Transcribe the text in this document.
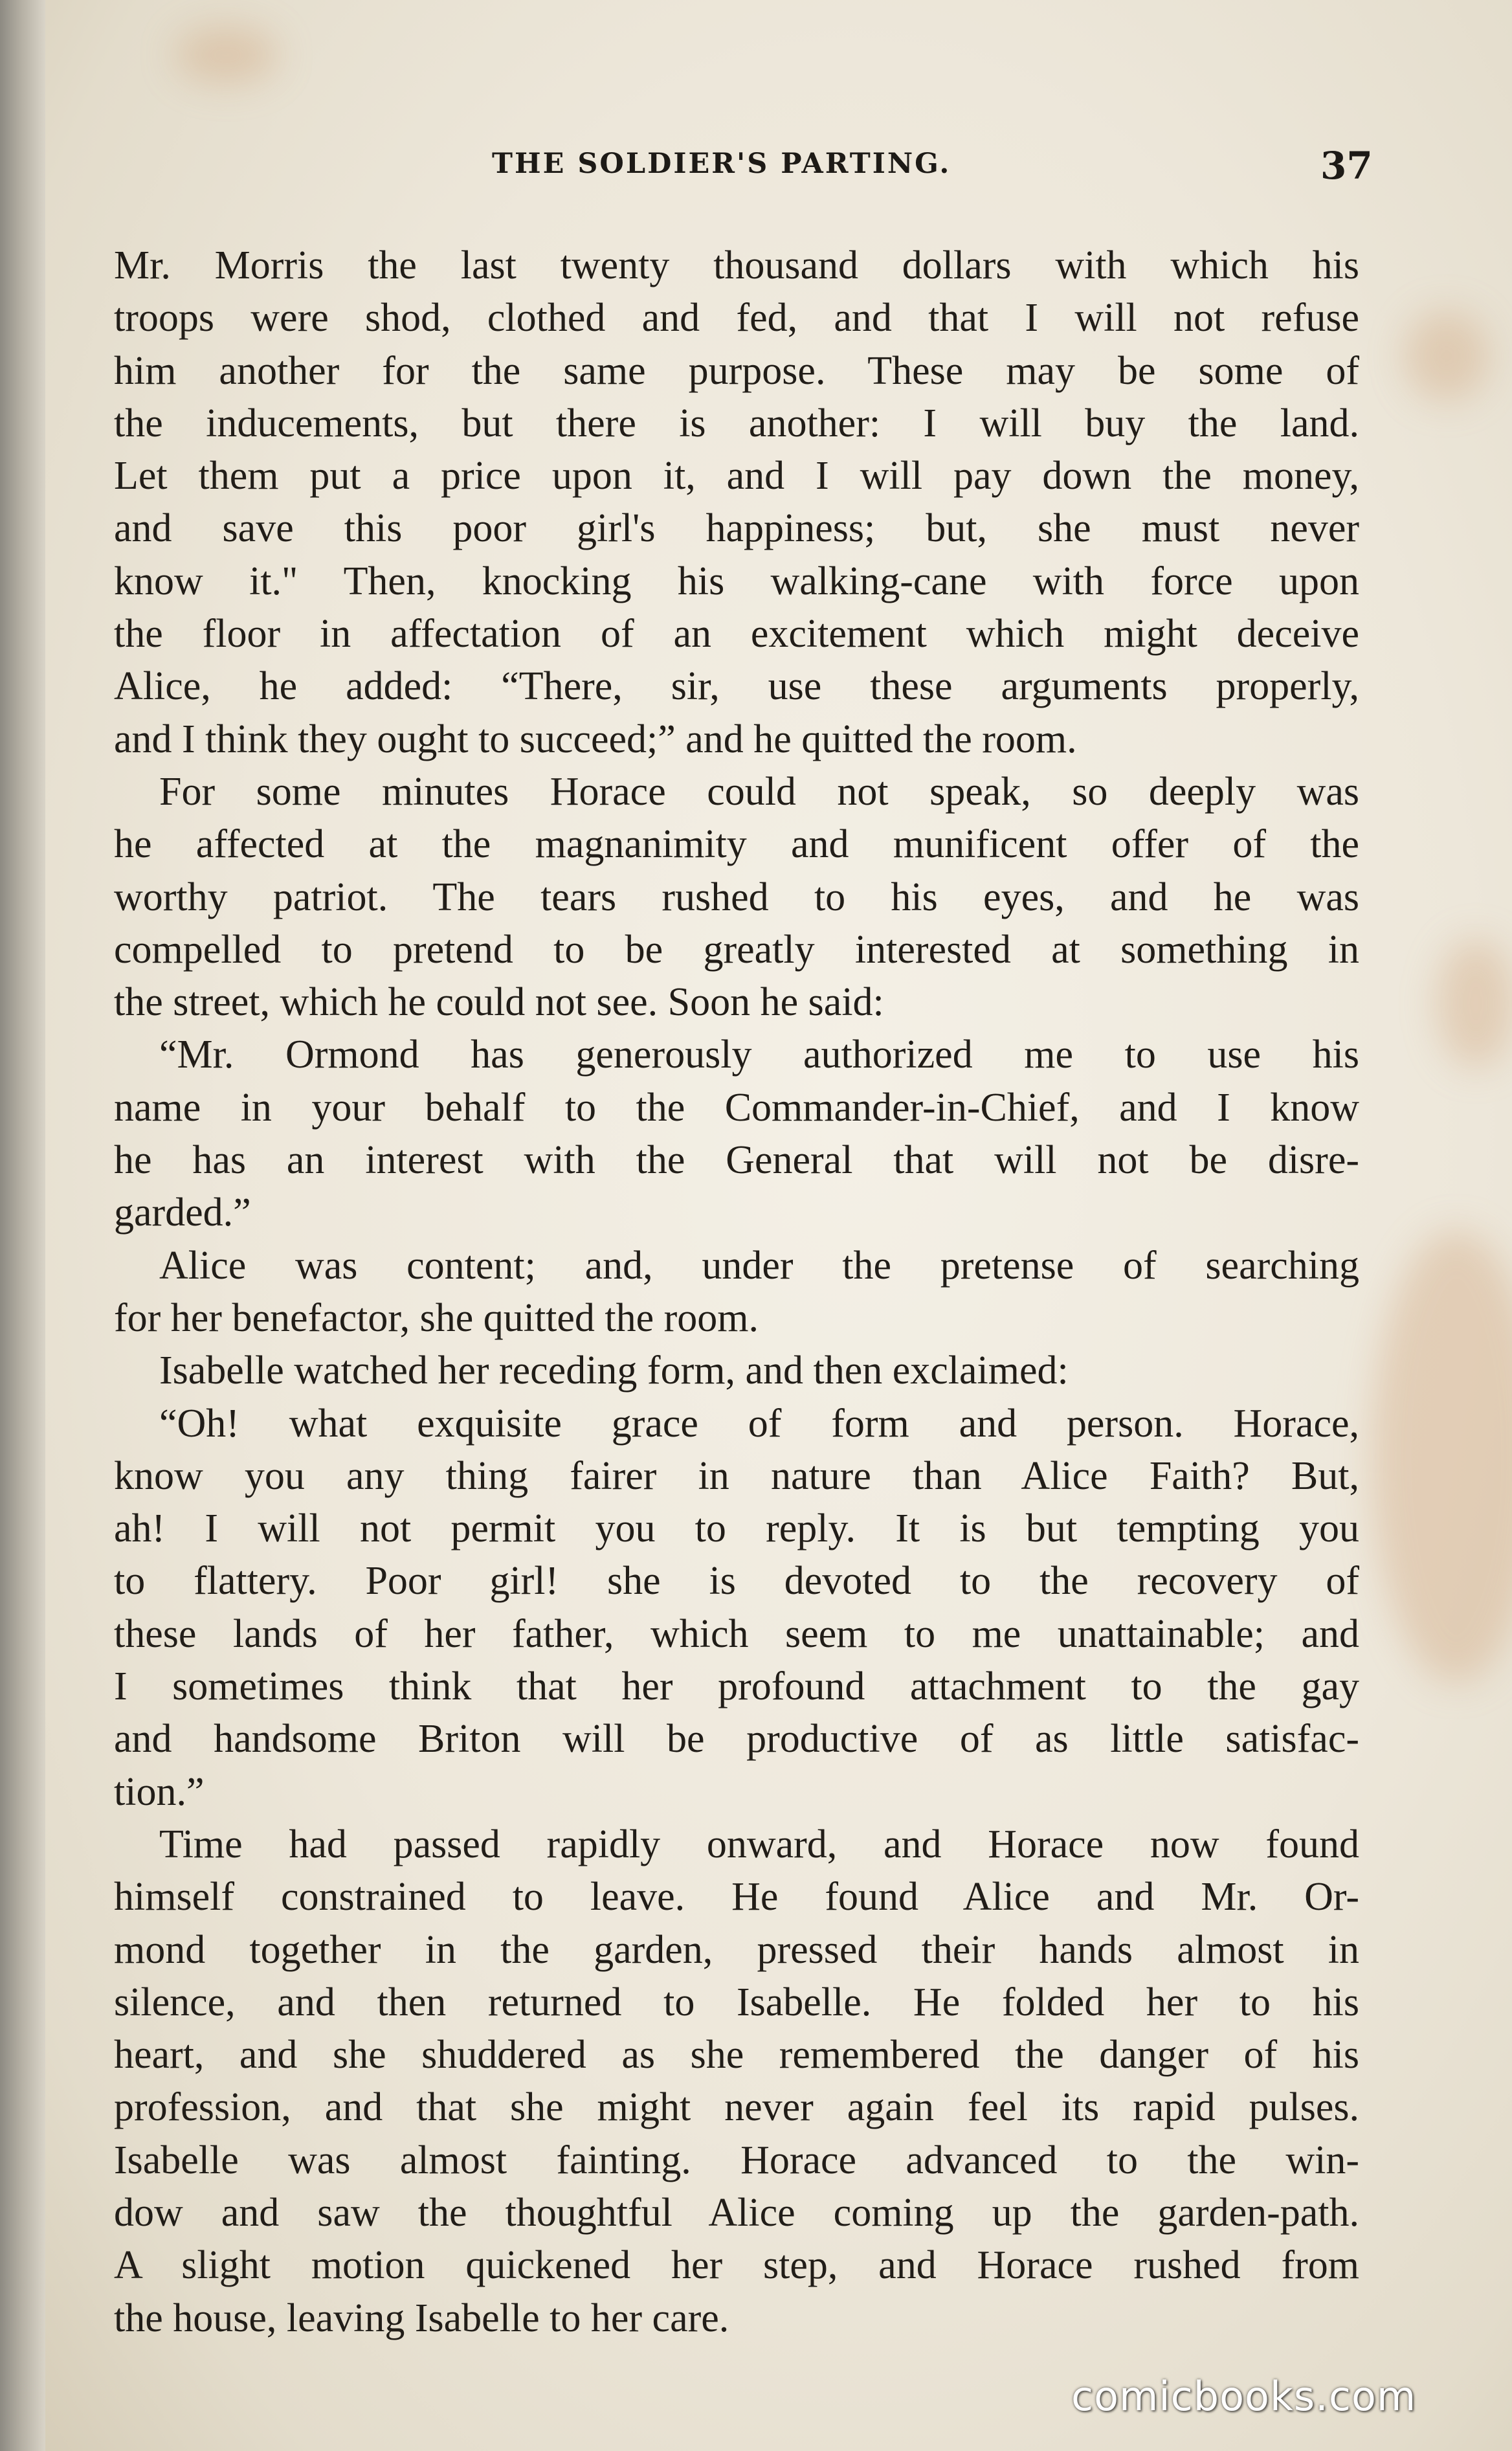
THE SOLDIER'S PARTING.	37

Mr. Morris the last twenty thousand dollars with which his

troops were shod, clothed and fed, and that I will not refuse

him another for the same purpose. These may be some of

the inducements, but there is another: I will buy the land.

Let them put a price upon it, and I will pay down the money,

and save this poor girl's happiness; but, she must never

know it." Then, knocking his walking-cane with force upon

the floor in affectation of an excitement which might deceive

Alice, he added: “There, sir, use these arguments properly,

and I think they ought to succeed;” and he quitted the room.

For some minutes Horace could not speak, so deeply was

he affected at the magnanimity and munificent offer of the

worthy patriot. The tears rushed to his eyes, and he was

compelled to pretend to be greatly interested at something in

the street, which he could not see. Soon he said:

“Mr. Ormond has generously authorized me to use his

name in your behalf to the Commander-in-Chief, and I know

he has an interest with the General that will not be disre-

garded.”

Alice was content; and, under the pretense of searching

for her benefactor, she quitted the room.

Isabelle watched her receding form, and then exclaimed:

“Oh! what exquisite grace of form and person. Horace,

know you any thing fairer in nature than Alice Faith? But,

ah! I will not permit you to reply. It is but tempting you

to flattery. Poor girl! she is devoted to the recovery of

these lands of her father, which seem to me unattainable; and

I sometimes think that her profound attachment to the gay

and handsome Briton will be productive of as little satisfac-

tion.”

Time had passed rapidly onward, and Horace now found

himself constrained to leave. He found Alice and Mr. Or-

mond together in the garden, pressed their hands almost in

silence, and then returned to Isabelle. He folded her to his

heart, and she shuddered as she remembered the danger of his

profession, and that she might never again feel its rapid pulses.

Isabelle was almost fainting. Horace advanced to the win-

dow and saw the thoughtful Alice coming up the garden-path.

A slight motion quickened her step, and Horace rushed from

the house, leaving Isabelle to her care.

comicbooks.com
